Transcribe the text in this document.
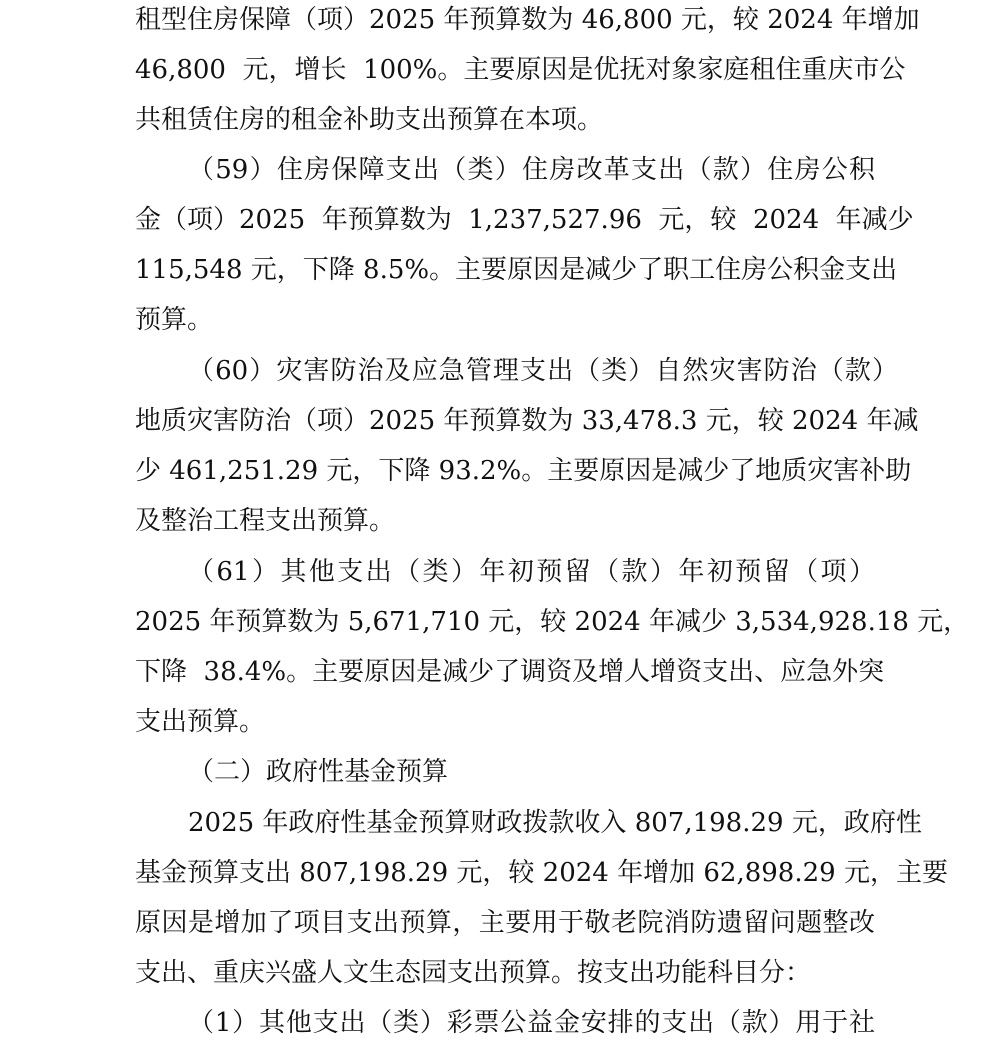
租型住房保障（项）2025 年预算数为 46,800 元，较 2024 年增加
46,800  元，增长  100%。主要原因是优抚对象家庭租住重庆市公
共租赁住房的租金补助支出预算在本项。
（59）住房保障支出（类）住房改革支出（款）住房公积
金（项）2025  年预算数为  1,237,527.96  元，较  2024  年减少
115,548 元，下降 8.5%。主要原因是减少了职工住房公积金支出
预算。
（60）灾害防治及应急管理支出（类）自然灾害防治（款）
地质灾害防治（项）2025 年预算数为 33,478.3 元，较 2024 年减
少 461,251.29 元，下降 93.2%。主要原因是减少了地质灾害补助
及整治工程支出预算。
（61）其他支出（类）年初预留（款）年初预留（项）
2025 年预算数为 5,671,710 元，较 2024 年减少 3,534,928.18 元，
下降  38.4%。主要原因是减少了调资及增人增资支出、应急外突
支出预算。
（二）政府性基金预算
2025 年政府性基金预算财政拨款收入 807,198.29 元，政府性
基金预算支出 807,198.29 元，较 2024 年增加 62,898.29 元，主要
原因是增加了项目支出预算，主要用于敬老院消防遗留问题整改
支出、重庆兴盛人文生态园支出预算。按支出功能科目分：
（1）其他支出（类）彩票公益金安排的支出（款）用于社
